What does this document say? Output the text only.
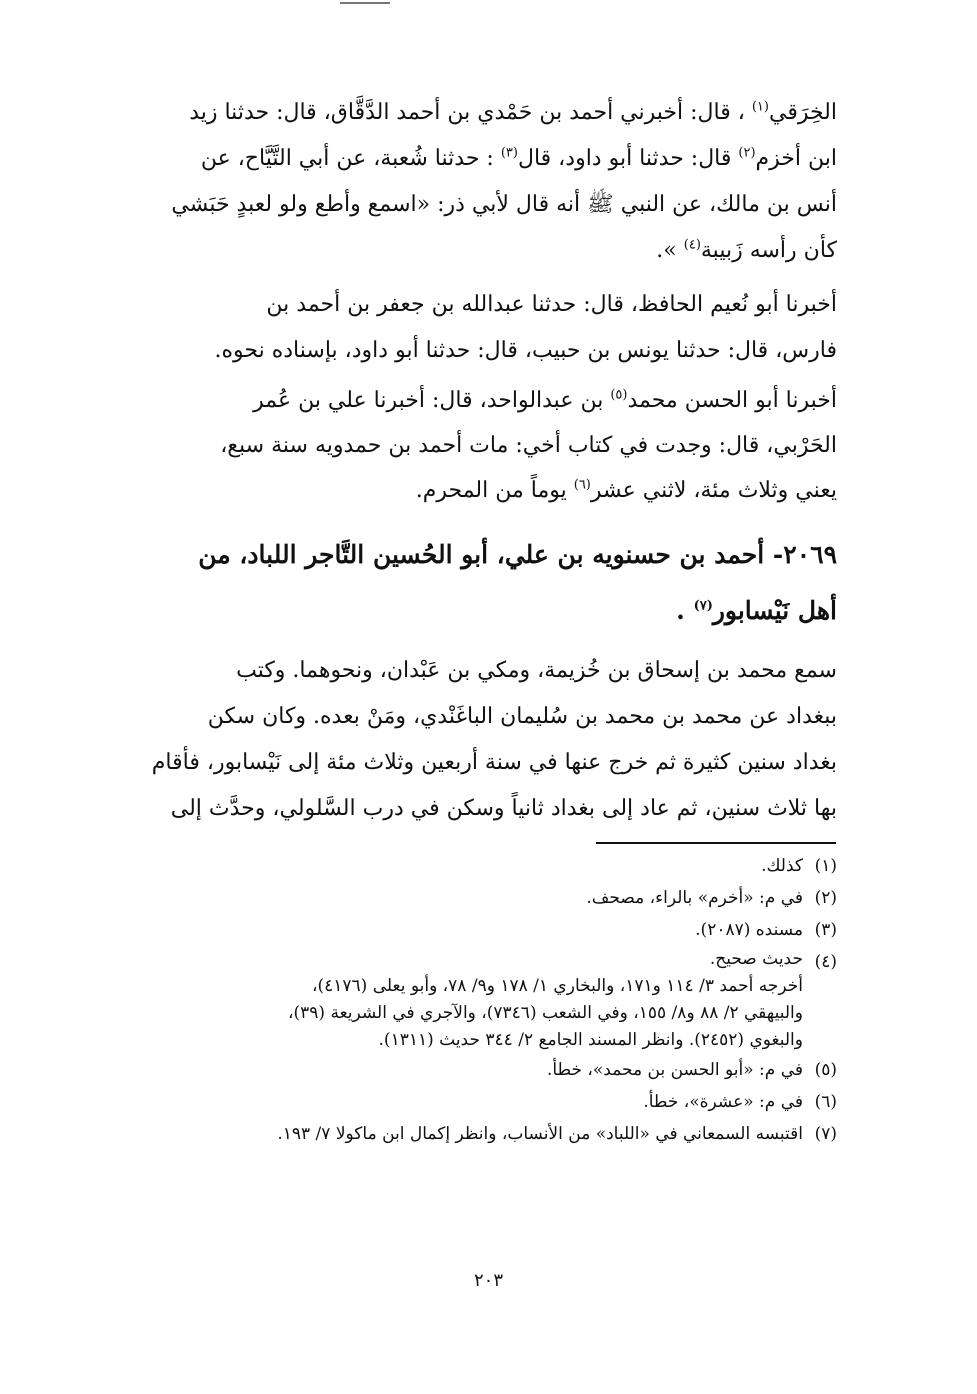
الخِرَقي$^{(١)}$ ، قال: أخبرني أحمد بن حَمْدي بن أحمد الدَّقَّاق، قال: حدثنا زيد
ابن أخزم$^{(٢)}$ قال: حدثنا أبو داود، قال$^{(٣)}$ : حدثنا شُعبة، عن أبي التَّيَّاح، عن
أنس بن مالك، عن النبي ﷺ أنه قال لأبي ذر: «اسمع وأطع ولو لعبدٍ حَبَشي
كأن رأسه زَبيبة$^{(٤)}$ ».
أخبرنا أبو نُعيم الحافظ، قال: حدثنا عبدالله بن جعفر بن أحمد بن
فارس، قال: حدثنا يونس بن حبيب، قال: حدثنا أبو داود، بإسناده نحوه.
أخبرنا أبو الحسن محمد$^{(٥)}$ بن عبدالواحد، قال: أخبرنا علي بن عُمر
الحَرْبي، قال: وجدت في كتاب أخي: مات أحمد بن حمدويه سنة سبع،
يعني وثلاث مئة، لاثني عشر$^{(٦)}$ يوماً من المحرم.
٢٠٦٩- أحمد بن حسنويه بن علي، أبو الحُسين التَّاجر اللباد، من
أهل نَيْسابور$^{(٧)}$ .
سمع محمد بن إسحاق بن خُزيمة، ومكي بن عَبْدان، ونحوهما. وكتب
ببغداد عن محمد بن محمد بن سُليمان الباغَنْدي، ومَنْ بعده. وكان سكن
بغداد سنين كثيرة ثم خرج عنها في سنة أربعين وثلاث مئة إلى نَيْسابور، فأقام
بها ثلاث سنين، ثم عاد إلى بغداد ثانياً وسكن في درب السَّلولي، وحدَّث إلى
(١)
كذلك.
(٢)
في م: «أخرم» بالراء، مصحف.
(٣)
مسنده (٢٠٨٧).
(٤)
حديث صحيح.
أخرجه أحمد ٣/ ١١٤ و١٧١، والبخاري ١/ ١٧٨ و٩/ ٧٨، وأبو يعلى (٤١٧٦)،
والبيهقي ٢/ ٨٨ و٨/ ١٥٥، وفي الشعب (٧٣٤٦)، والآجري في الشريعة (٣٩)،
والبغوي (٢٤٥٢). وانظر المسند الجامع ٢/ ٣٤٤ حديث (١٣١١).
(٥)
في م: «أبو الحسن بن محمد»، خطأ.
(٦)
في م: «عشرة»، خطأ.
(٧)
اقتبسه السمعاني في «اللباد» من الأنساب، وانظر إكمال ابن ماكولا ٧/ ١٩٣.
٢٠٣
